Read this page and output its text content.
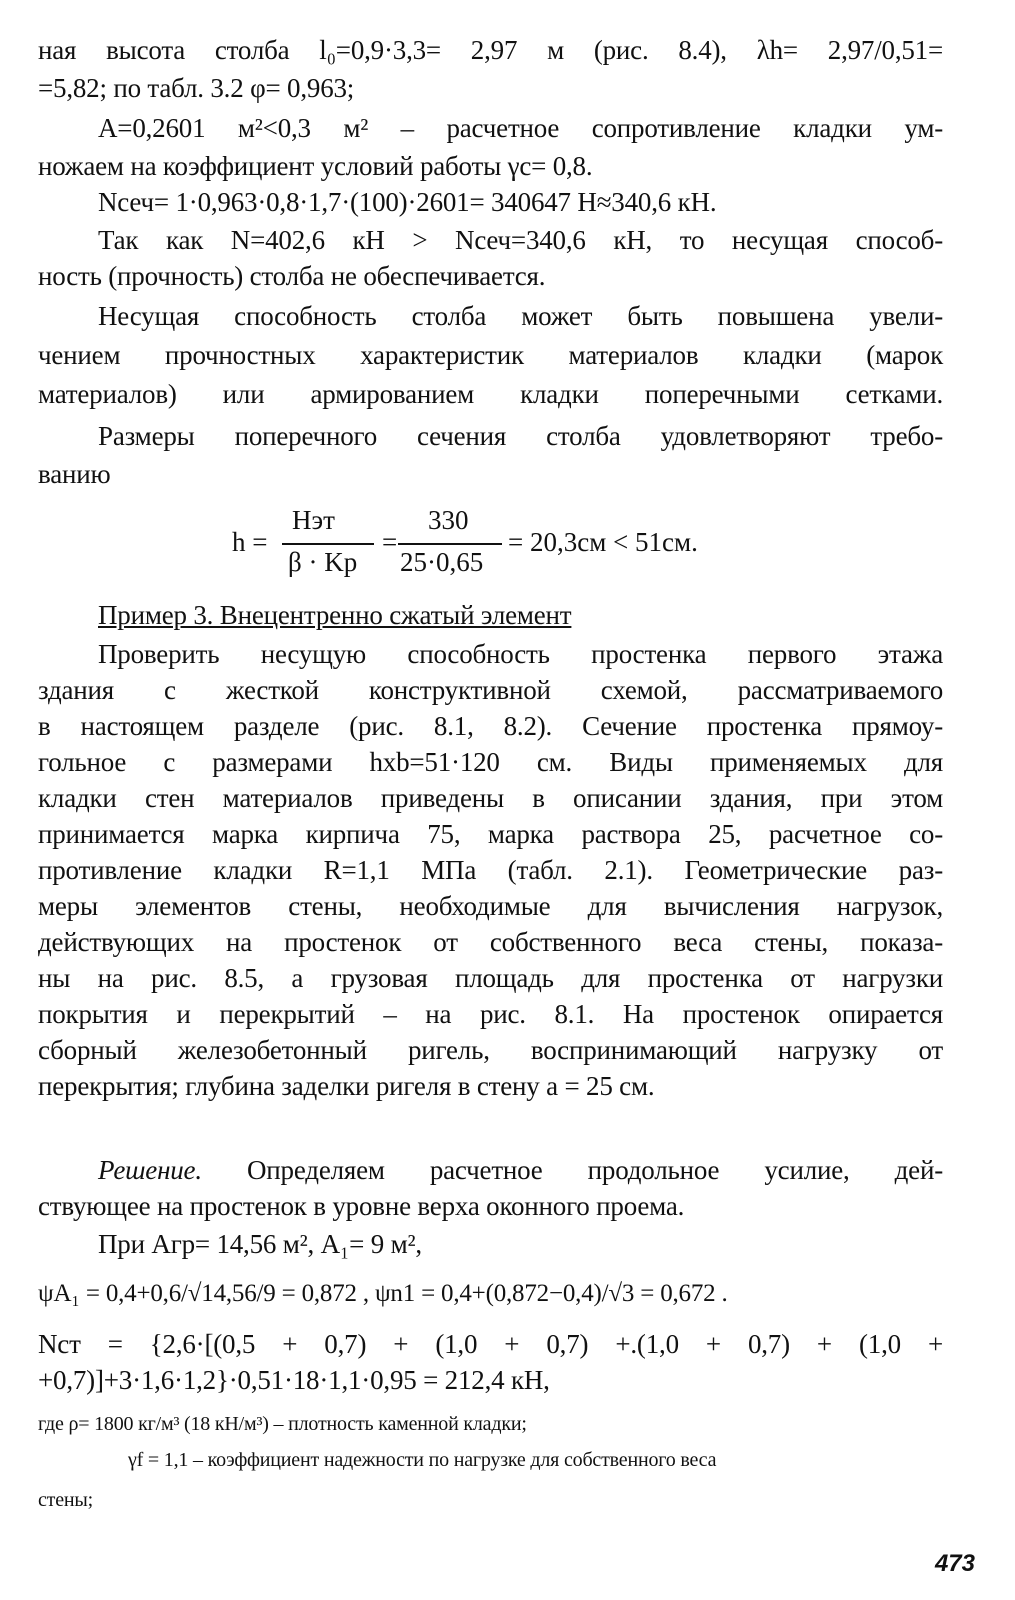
ная высота столба l₀=0,9·3,3= 2,97 м (рис. 8.4), λh= 2,97/0,51=
=5,82; по табл. 3.2 φ= 0,963;
A=0,2601 м²<0,3 м² – расчетное сопротивление кладки ум-
ножаем на коэффициент условий работы γc= 0,8.
Nсеч= 1·0,963·0,8·1,7·(100)·2601= 340647 Н≈340,6 кН.
Так как N=402,6 кН > Nсеч=340,6 кН, то несущая способ-
ность (прочность) столба не обеспечивается.
Несущая способность столба может быть повышена увели-
чением прочностных характеристик материалов кладки (марок
материалов) или армированием кладки поперечными сетками.
Размеры поперечного сечения столба удовлетворяют требо-
ванию
h =
Hэт
β · Kр
=
330
25·0,65
= 20,3см < 51см.
Пример 3. Внецентренно сжатый элемент
Проверить несущую способность простенка первого этажа
здания с жесткой конструктивной схемой, рассматриваемого
в настоящем разделе (рис. 8.1, 8.2). Сечение простенка прямоу-
гольное с размерами hxb=51·120 см. Виды применяемых для
кладки стен материалов приведены в описании здания, при этом
принимается марка кирпича 75, марка раствора 25, расчетное со-
противление кладки R=1,1 МПа (табл. 2.1). Геометрические раз-
меры элементов стены, необходимые для вычисления нагрузок,
действующих на простенок от собственного веса стены, показа-
ны на рис. 8.5, а грузовая площадь для простенка от нагрузки
покрытия и перекрытий – на рис. 8.1. На простенок опирается
сборный железобетонный ригель, воспринимающий нагрузку от
перекрытия; глубина заделки ригеля в стену a = 25 см.
Решение. Определяем расчетное продольное усилие, дей-
ствующее на простенок в уровне верха оконного проема.
При Aгр= 14,56 м², A₁= 9 м²,
ψA₁ = 0,4+0,6/√14,56/9 = 0,872 , ψn1 = 0,4+(0,872−0,4)/√3 = 0,672 .
Nст = {2,6·[(0,5 + 0,7) + (1,0 + 0,7) +.(1,0 + 0,7) + (1,0 +
+0,7)]+3·1,6·1,2}·0,51·18·1,1·0,95 = 212,4 кН,
где ρ= 1800 кг/м³ (18 кН/м³) – плотность каменной кладки;
γf = 1,1 – коэффициент надежности по нагрузке для собственного веса
стены;
473
